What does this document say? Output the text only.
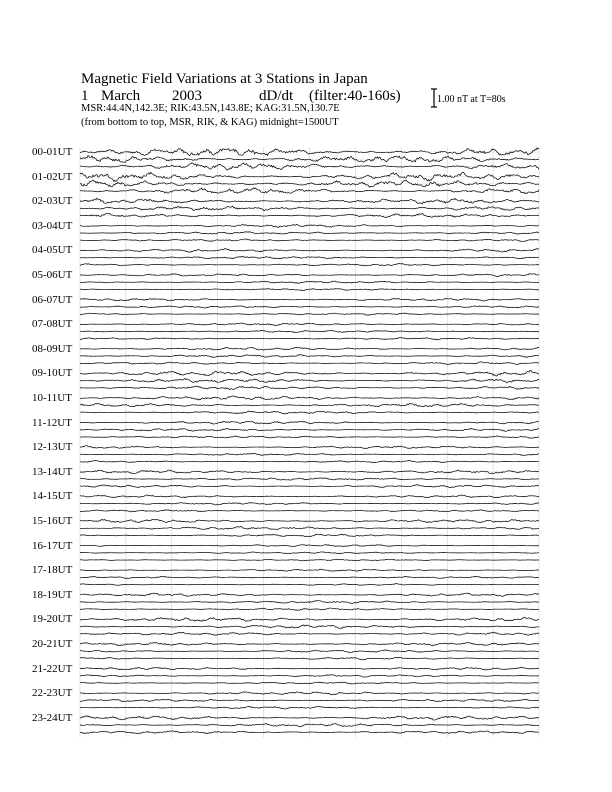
Magnetic Field Variations at 3 Stations in Japan
1 March 2003	dD/dt (filter:40-160s)
MSR:44.4N,142.3E; RIK:43.5N,143.8E; KAG:31.5N,130.7E
(from bottom to top, MSR, RIK, & KAG) midnight=1500UT
1.00 nT at T=80s
00-01UT
01-02UT
02-03UT
03-04UT
04-05UT
05-06UT
06-07UT
07-08UT
08-09UT
09-10UT
10-11UT
11-12UT
12-13UT
13-14UT
14-15UT
15-16UT
16-17UT
17-18UT
18-19UT
19-20UT
20-21UT
21-22UT
22-23UT
23-24UT
